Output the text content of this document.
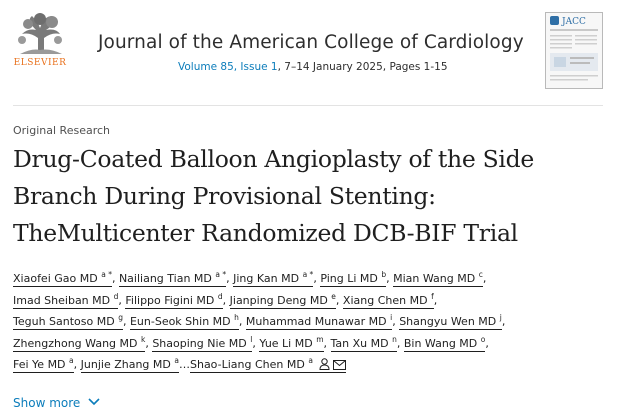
ELSEVIER
Journal of the American College of Cardiology
Volume 85, Issue 1, 7–14 January 2025, Pages 1-15
JACC
Original Research
Drug-Coated Balloon Angioplasty of the Side
Branch During Provisional Stenting:
TheMulticenter Randomized DCB-BIF Trial
Xiaofei Gao MD $^{a *}$, Nailiang Tian MD $^{a *}$, Jing Kan MD $^{a *}$, Ping Li MD $^b$, Mian Wang MD $^c$,
Imad Sheiban MD $^d$, Filippo Figini MD $^d$, Jianping Deng MD $^e$, Xiang Chen MD $^f$,
Teguh Santoso MD $^g$, Eun-Seok Shin MD $^h$, Muhammad Munawar MD $^i$, Shangyu Wen MD $^j$,
Zhengzhong Wang MD $^k$, Shaoping Nie MD $^l$, Yue Li MD $^m$, Tan Xu MD $^n$, Bin Wang MD $^o$,
Fei Ye MD $^a$, Junjie Zhang MD $^a$…Shao-Liang Chen MD $^a$
Show more
